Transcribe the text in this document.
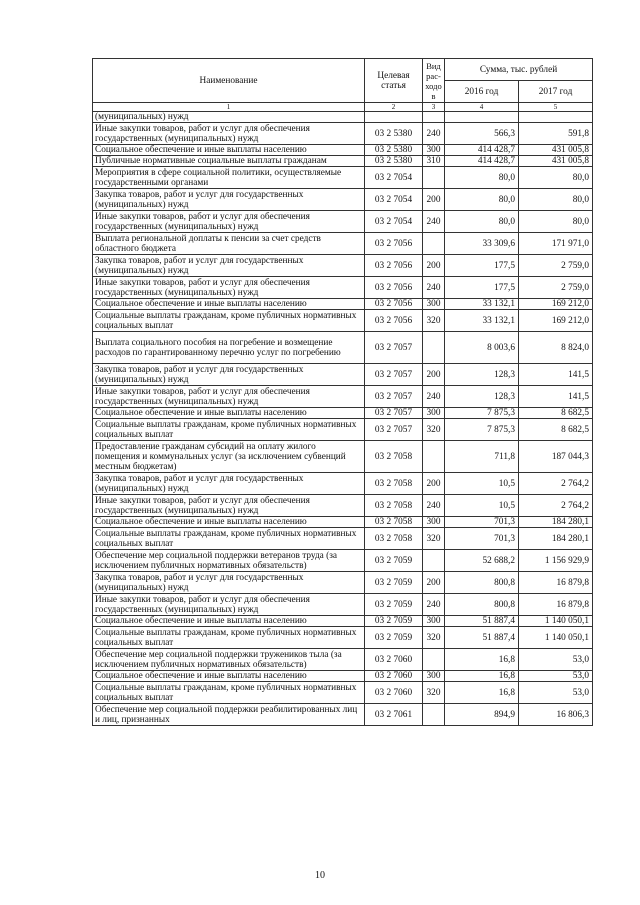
Наименование	Целевая статья	Вид рас-ходов	Сумма, тыс. рублей	
			2016 год	2017 год
1	2	3	4	5
(муниципальных) нужд				
Иные закупки товаров, работ и услуг для обеспечения государственных (муниципальных) нужд	03 2 5380	240	566,3	591,8
Социальное обеспечение и иные выплаты населению	03 2 5380	300	414 428,7	431 005,8
Публичные нормативные социальные выплаты гражданам	03 2 5380	310	414 428,7	431 005,8
Мероприятия в сфере социальной политики, осуществляемые государственными органами	03 2 7054		80,0	80,0
Закупка товаров, работ и услуг для государственных (муниципальных) нужд	03 2 7054	200	80,0	80,0
Иные закупки товаров, работ и услуг для обеспечения государственных (муниципальных) нужд	03 2 7054	240	80,0	80,0
Выплата региональной доплаты к пенсии за счет средств областного бюджета	03 2 7056		33 309,6	171 971,0
Закупка товаров, работ и услуг для государственных (муниципальных) нужд	03 2 7056	200	177,5	2 759,0
Иные закупки товаров, работ и услуг для обеспечения государственных (муниципальных) нужд	03 2 7056	240	177,5	2 759,0
Социальное обеспечение и иные выплаты населению	03 2 7056	300	33 132,1	169 212,0
Социальные выплаты гражданам, кроме публичных нормативных социальных выплат	03 2 7056	320	33 132,1	169 212,0
Выплата социального пособия на погребение и возмещение расходов по гарантированному перечню услуг по погребению	03 2 7057		8 003,6	8 824,0
Закупка товаров, работ и услуг для государственных (муниципальных) нужд	03 2 7057	200	128,3	141,5
Иные закупки товаров, работ и услуг для обеспечения государственных (муниципальных) нужд	03 2 7057	240	128,3	141,5
Социальное обеспечение и иные выплаты населению	03 2 7057	300	7 875,3	8 682,5
Социальные выплаты гражданам, кроме публичных нормативных социальных выплат	03 2 7057	320	7 875,3	8 682,5
Предоставление гражданам субсидий на оплату жилого помещения и коммунальных услуг (за исключением субвенций местным бюджетам)	03 2 7058		711,8	187 044,3
Закупка товаров, работ и услуг для государственных (муниципальных) нужд	03 2 7058	200	10,5	2 764,2
Иные закупки товаров, работ и услуг для обеспечения государственных (муниципальных) нужд	03 2 7058	240	10,5	2 764,2
Социальное обеспечение и иные выплаты населению	03 2 7058	300	701,3	184 280,1
Социальные выплаты гражданам, кроме публичных нормативных социальных выплат	03 2 7058	320	701,3	184 280,1
Обеспечение мер социальной поддержки ветеранов труда (за исключением публичных нормативных обязательств)	03 2 7059		52 688,2	1 156 929,9
Закупка товаров, работ и услуг для государственных (муниципальных) нужд	03 2 7059	200	800,8	16 879,8
Иные закупки товаров, работ и услуг для обеспечения государственных (муниципальных) нужд	03 2 7059	240	800,8	16 879,8
Социальное обеспечение и иные выплаты населению	03 2 7059	300	51 887,4	1 140 050,1
Социальные выплаты гражданам, кроме публичных нормативных социальных выплат	03 2 7059	320	51 887,4	1 140 050,1
Обеспечение мер социальной поддержки тружеников тыла (за исключением публичных нормативных обязательств)	03 2 7060		16,8	53,0
Социальное обеспечение и иные выплаты населению	03 2 7060	300	16,8	53,0
Социальные выплаты гражданам, кроме публичных нормативных социальных выплат	03 2 7060	320	16,8	53,0
Обеспечение мер социальной поддержки реабилитированных лиц и лиц, признанных	03 2 7061		894,9	16 806,3
10
